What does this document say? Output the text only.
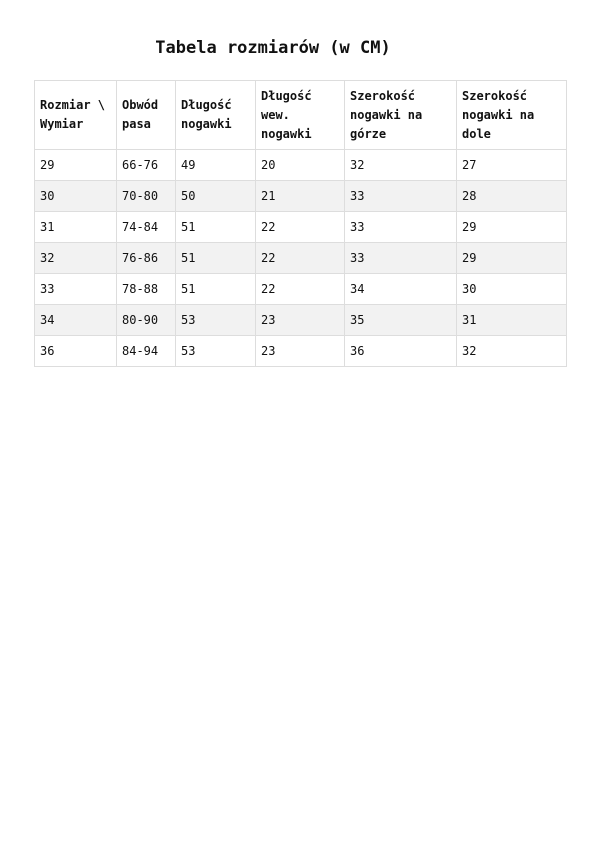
Tabela rozmiarów (w CM)
Rozmiar \ Wymiar	Obwód pasa	Długość nogawki	Długość wew. nogawki	Szerokość nogawki na górze	Szerokość nogawki na dole
29	66-76	49	20	32	27
30	70-80	50	21	33	28
31	74-84	51	22	33	29
32	76-86	51	22	33	29
33	78-88	51	22	34	30
34	80-90	53	23	35	31
36	84-94	53	23	36	32
